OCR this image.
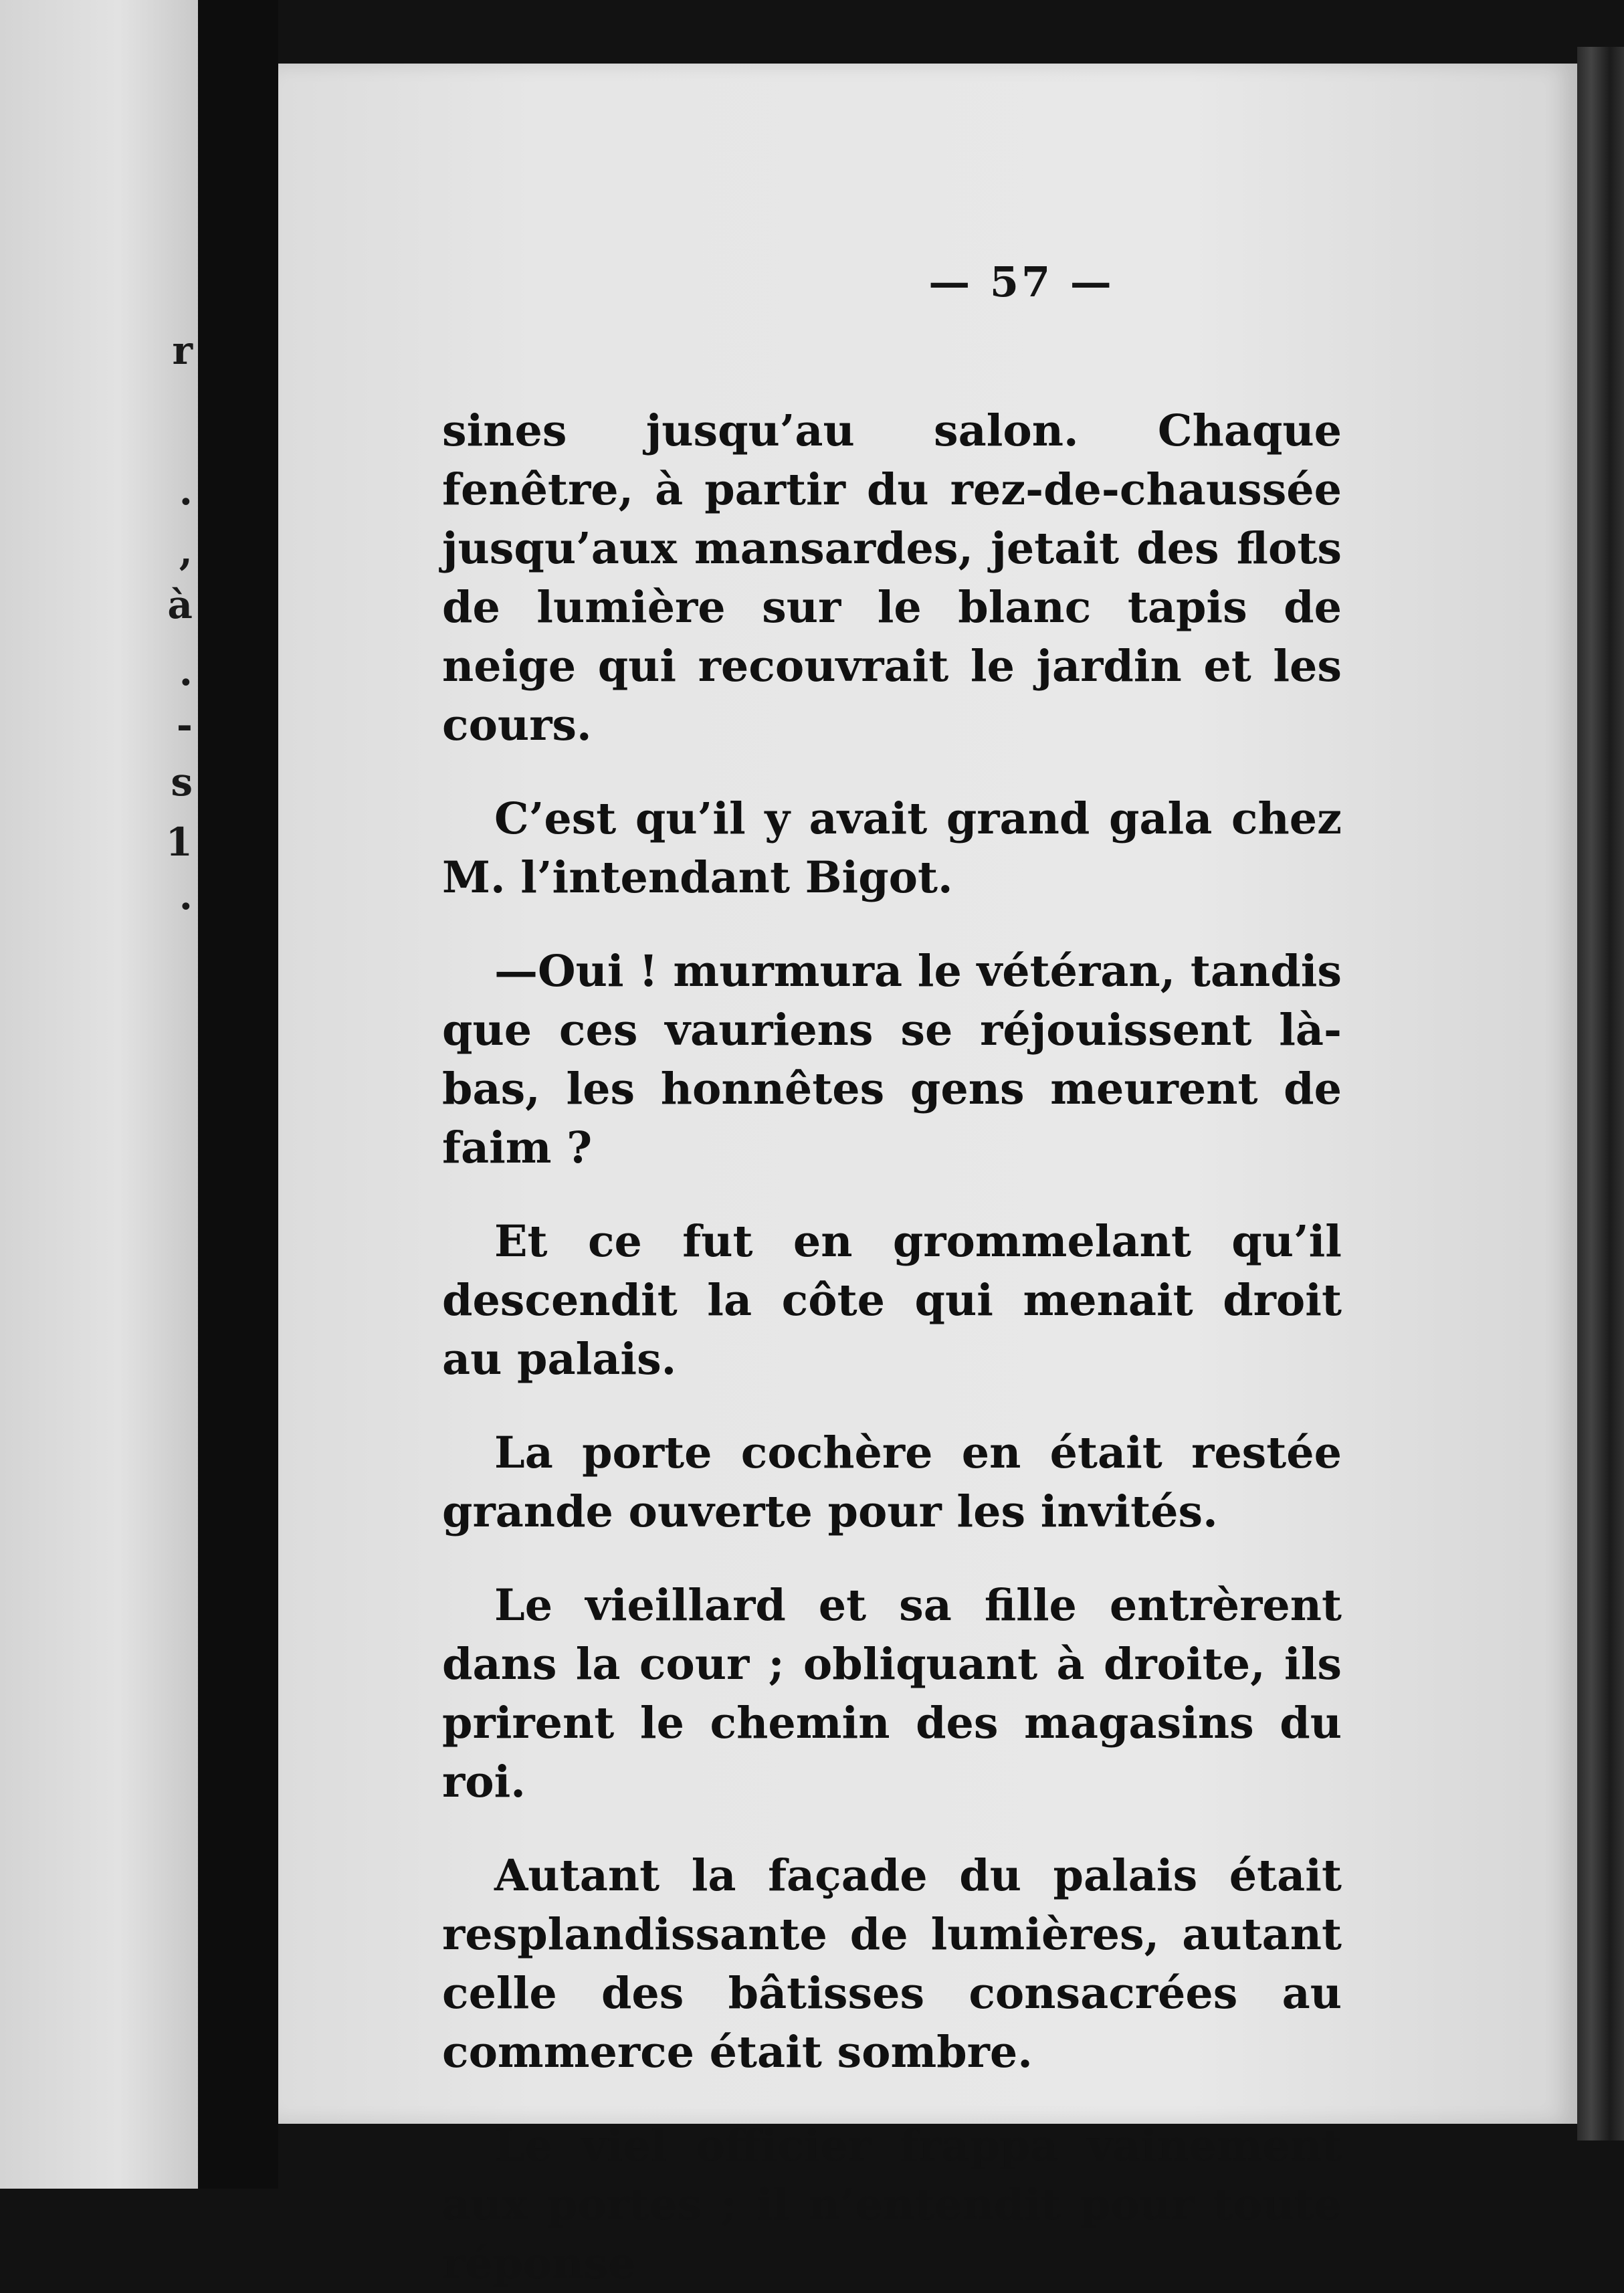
r
.
,
à
.
-
s
1
.
— 57 —

sines jusqu’au salon. Chaque fenêtre, à partir du rez-de-chaussée jusqu’aux mansardes, jetait des flots de lumière sur le blanc tapis de neige qui recouvrait le jardin et les cours.

C’est qu’il y avait grand gala chez M. l’intendant Bigot.

—Oui ! murmura le vétéran, tandis que ces vauriens se réjouissent là-bas, les honnêtes gens meurent de faim ?

Et ce fut en grommelant qu’il descendit la côte qui menait droit au palais.

La porte cochère en était restée grande ouverte pour les invités.

Le vieillard et sa fille entrèrent dans la cour ; obliquant à droite, ils prirent le chemin des magasins du roi.

Autant la façade du palais était resplandissante de lumières, autant celle des bâtisses consacrées au commerce était sombre.

Le viel officier frappa vainement aux portes ; il n’entendit pour toute réponse
